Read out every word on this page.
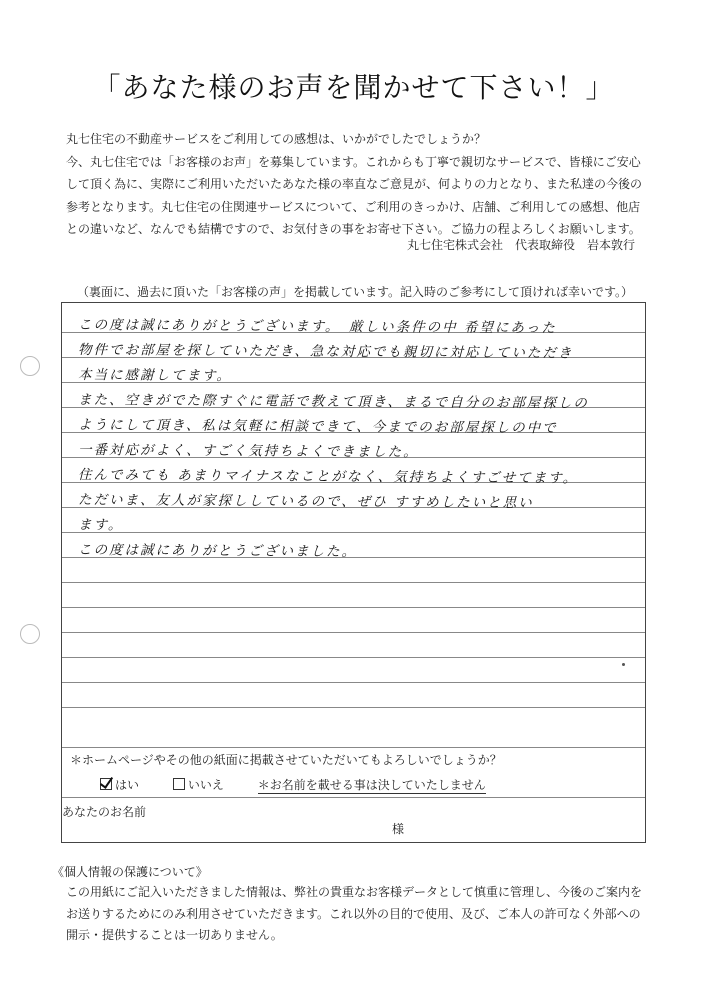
「あなた様のお声を聞かせて下さい！」

丸七住宅の不動産サービスをご利用しての感想は、いかがでしたでしょうか？

今、丸七住宅では「お客様のお声」を募集しています。これからも丁寧で親切なサービスで、皆様にご安心

して頂く為に、実際にご利用いただいたあなた様の率直なご意見が、何よりの力となり、また私達の今後の

参考となります。丸七住宅の住関連サービスについて、ご利用のきっかけ、店舗、ご利用しての感想、他店

との違いなど、なんでも結構ですので、お気付きの事をお寄せ下さい。ご協力の程よろしくお願いします。

丸七住宅株式会社　代表取締役　岩本敦行
（裏面に、過去に頂いた「お客様の声」を掲載しています。記入時のご参考にして頂ければ幸いです。）
この度は誠にありがとうございます。　厳しい条件の中 希望にあった
物件でお部屋を探していただき、急な対応でも親切に対応していただき
本当に感謝してます。
また、空きがでた際すぐに電話で教えて頂き、まるで自分のお部屋探しの
ようにして頂き、私は気軽に相談できて、今までのお部屋探しの中で
一番対応がよく、すごく気持ちよくできました。
住んでみても あまりマイナスなことがなく、気持ちよくすごせてます。
ただいま、友人が家探ししているので、ぜひ すすめしたいと思い
ます。
この度は誠にありがとうございました。
＊ホームページやその他の紙面に掲載させていただいてもよろしいでしょうか？
はい	いいえ	＊お名前を載せる事は決していたしません
あなたのお名前
様
《個人情報の保護について》

この用紙にご記入いただきました情報は、弊社の貴重なお客様データとして慎重に管理し、今後のご案内を

お送りするためにのみ利用させていただきます。これ以外の目的で使用、及び、ご本人の許可なく外部への

開示・提供することは一切ありません。
